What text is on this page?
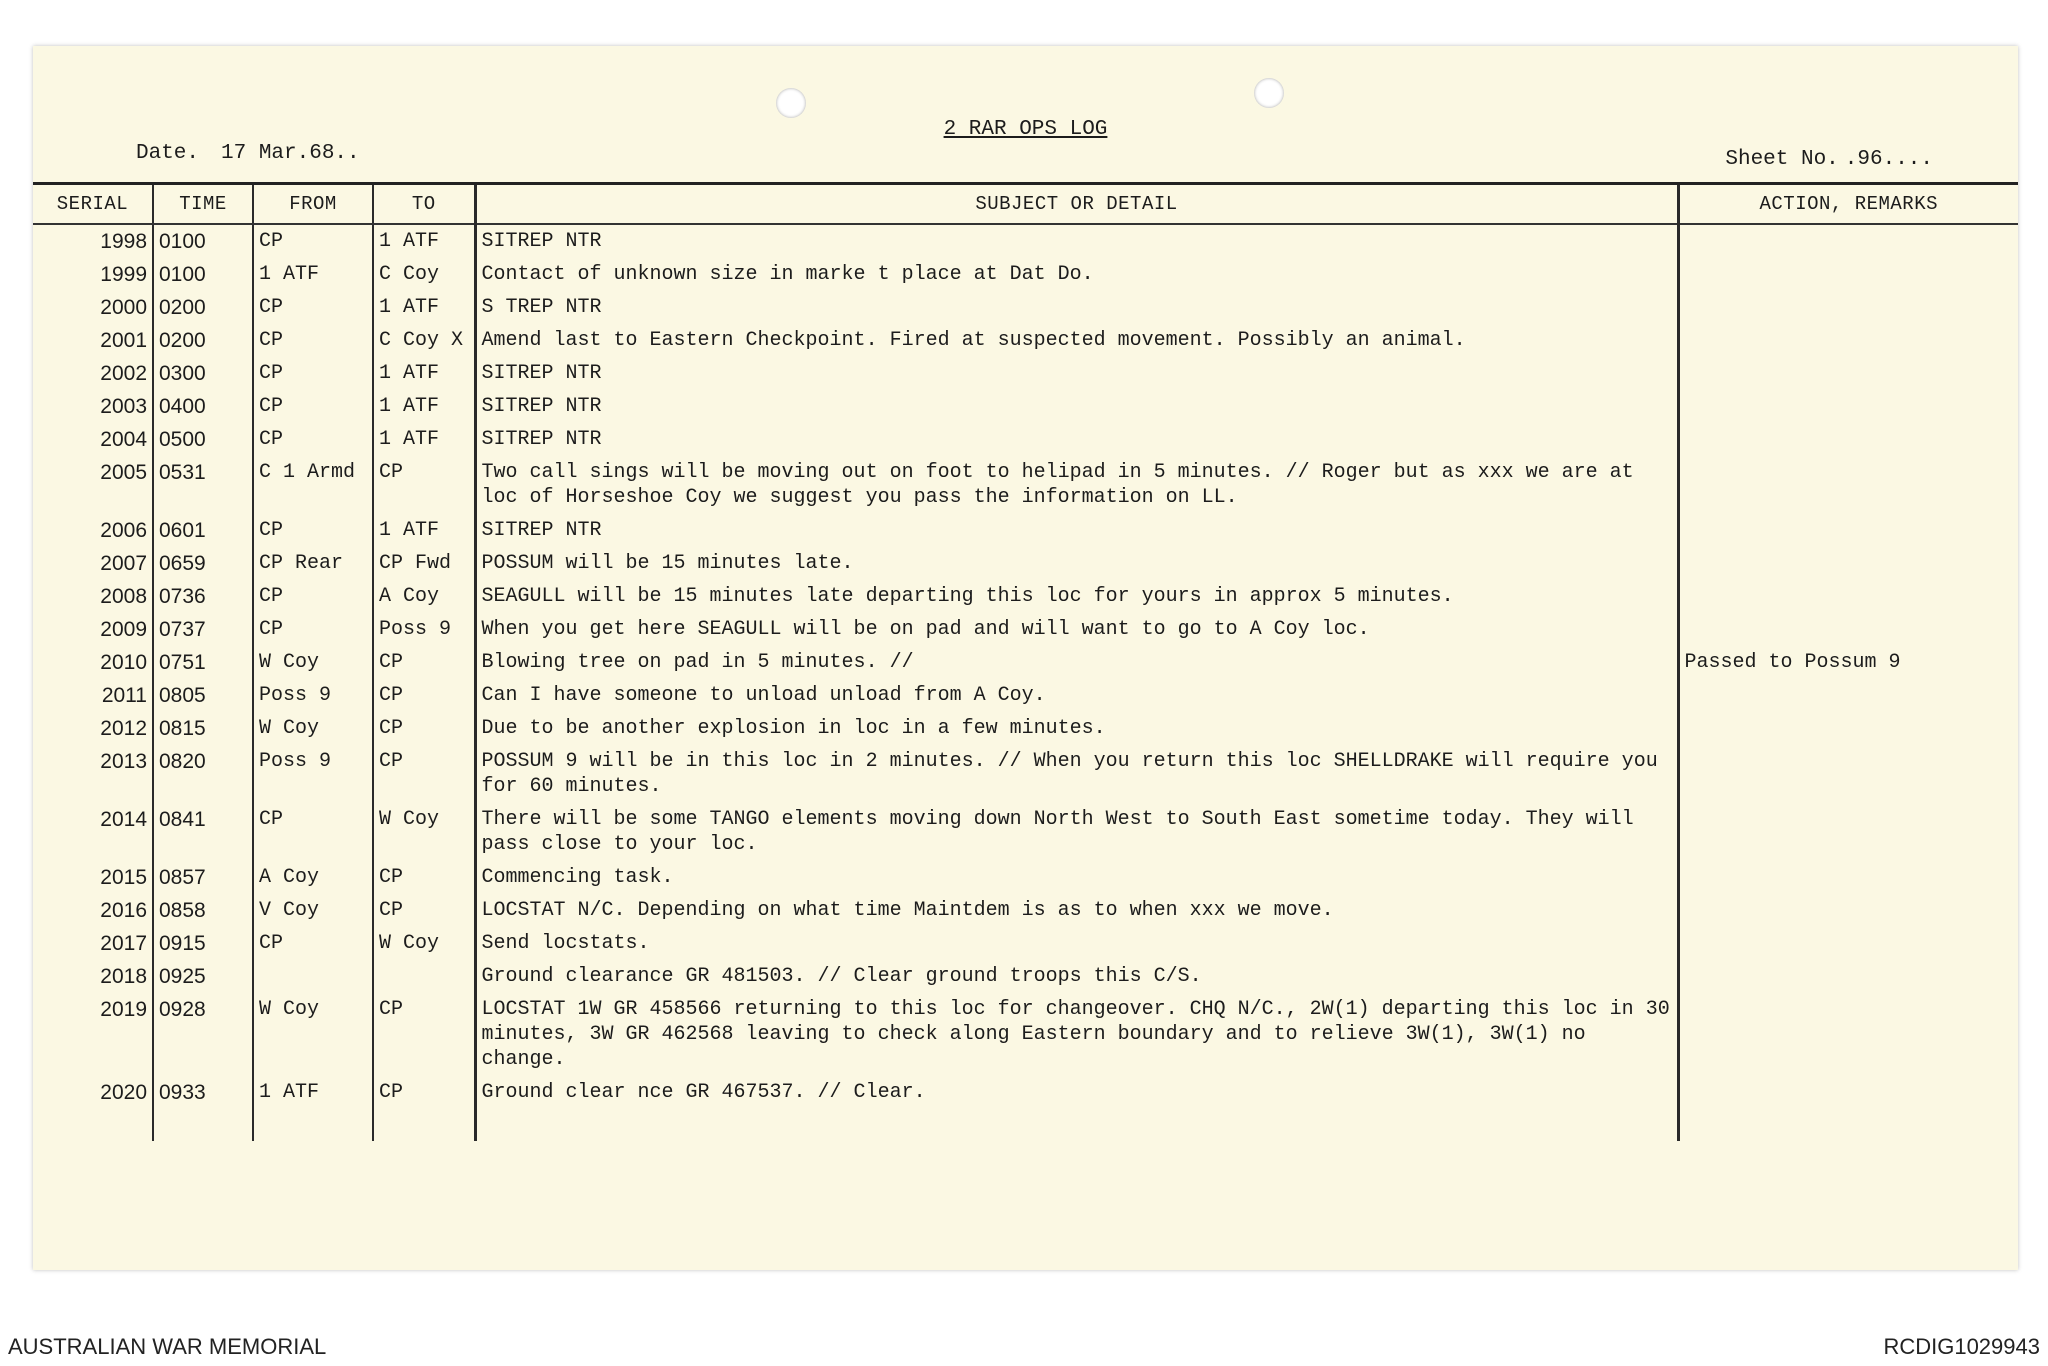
2 RAR OPS LOG
Date. 17 Mar.68..	Sheet No. .96....
SERIAL	TIME	FROM	TO	SUBJECT OR DETAIL	ACTION, REMARKS
1998	0100	CP	1 ATF	SITREP NTR	
1999	0100	1 ATF	C Coy	Contact of unknown size in marke t place at Dat Do.	
2000	0200	CP	1 ATF	S TREP NTR	
2001	0200	CP	C Coy X	Amend last to Eastern Checkpoint. Fired at suspected movement. Possibly an animal.	
2002	0300	CP	1 ATF	SITREP NTR	
2003	0400	CP	1 ATF	SITREP NTR	
2004	0500	CP	1 ATF	SITREP NTR	
2005	0531	C 1 Armd	CP	Two call sings will be moving out on foot to helipad in 5 minutes. // Roger but as xxx we are at loc of Horseshoe Coy we suggest you pass the information on LL.	
2006	0601	CP	1 ATF	SITREP NTR	
2007	0659	CP Rear	CP Fwd	POSSUM will be 15 minutes late.	
2008	0736	CP	A Coy	SEAGULL will be 15 minutes late departing this loc for yours in approx 5 minutes.	
2009	0737	CP	Poss 9	When you get here SEAGULL will be on pad and will want to go to A Coy loc.	
2010	0751	W Coy	CP	Blowing tree on pad in 5 minutes. //	Passed to Possum 9
2011	0805	Poss 9	CP	Can I have someone to unload unload from A Coy.	
2012	0815	W Coy	CP	Due to be another explosion in loc in a few minutes.	
2013	0820	Poss 9	CP	POSSUM 9 will be in this loc in 2 minutes. // When you return this loc SHELLDRAKE will require you for 60 minutes.	
2014	0841	CP	W Coy	There will be some TANGO elements moving down North West to South East sometime today. They will pass close to your loc.	
2015	0857	A Coy	CP	Commencing task.	
2016	0858	V Coy	CP	LOCSTAT N/C. Depending on what time Maintdem is as to when xxx we move.	
2017	0915	CP	W Coy	Send locstats.	
2018	0925			Ground clearance GR 481503. // Clear ground troops this C/S.	
2019	0928	W Coy	CP	LOCSTAT 1W GR 458566 returning to this loc for changeover. CHQ N/C., 2W(1) departing this loc in 30 minutes, 3W GR 462568 leaving to check along Eastern boundary and to relieve 3W(1), 3W(1) no change.	
2020	0933	1 ATF	CP	Ground clear nce GR 467537. // Clear.	

AUSTRALIAN WAR MEMORIAL	RCDIG1029943
